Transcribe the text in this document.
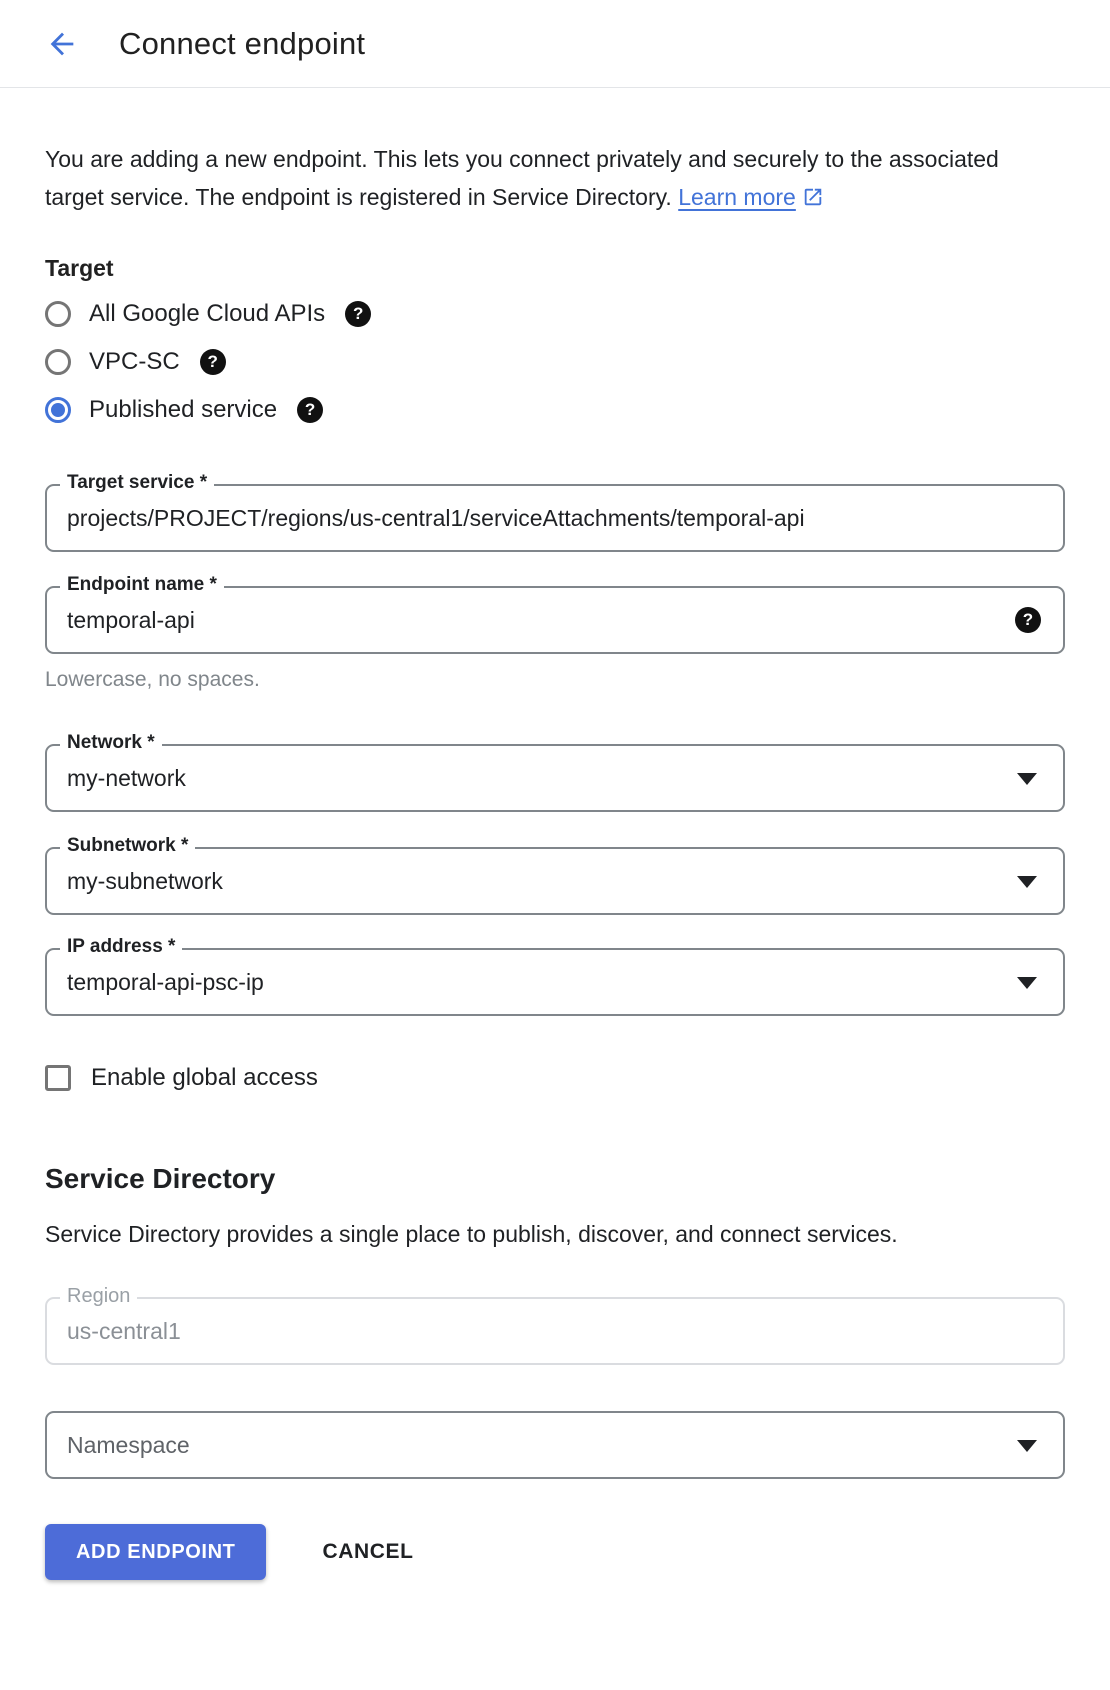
Connect endpoint
You are adding a new endpoint. This lets you connect privately and securely to the associated target service. The endpoint is registered in Service Directory. Learn more
Target
All Google Cloud APIs	?
VPC-SC	?
Published service	?
Target service *
projects/PROJECT/regions/us-central1/serviceAttachments/temporal-api
Endpoint name *
temporal-api
?
Lowercase, no spaces.
Network *
my-network
Subnetwork *
my-subnetwork
IP address *
temporal-api-psc-ip
Enable global access
Service Directory
Service Directory provides a single place to publish, discover, and connect services.
Region
us-central1
Namespace
ADD ENDPOINT	CANCEL
